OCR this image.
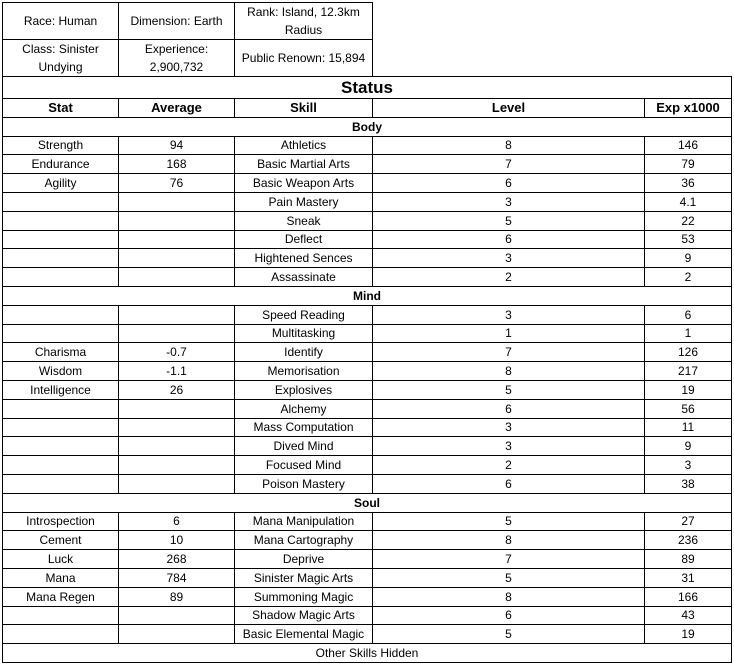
Race: Human	Dimension: Earth	Rank: Island, 12.3km Radius	
Class: Sinister Undying	Experience: 2,900,732	Public Renown: 15,894	
Status				
Stat	Average	Skill	Level	Exp x1000
Body				
Strength	94	Athletics	8	146
Endurance	168	Basic Martial Arts	7	79
Agility	76	Basic Weapon Arts	6	36
		Pain Mastery	3	4.1
		Sneak	5	22
		Deflect	6	53
		Hightened Sences	3	9
		Assassinate	2	2
Mind				
		Speed Reading	3	6
		Multitasking	1	1
Charisma	-0.7	Identify	7	126
Wisdom	-1.1	Memorisation	8	217
Intelligence	26	Explosives	5	19
		Alchemy	6	56
		Mass Computation	3	11
		Dived Mind	3	9
		Focused Mind	2	3
		Poison Mastery	6	38
Soul				
Introspection	6	Mana Manipulation	5	27
Cement	10	Mana Cartography	8	236
Luck	268	Deprive	7	89
Mana	784	Sinister Magic Arts	5	31
Mana Regen	89	Summoning Magic	8	166
		Shadow Magic Arts	6	43
		Basic Elemental Magic	5	19
Other Skills Hidden				
